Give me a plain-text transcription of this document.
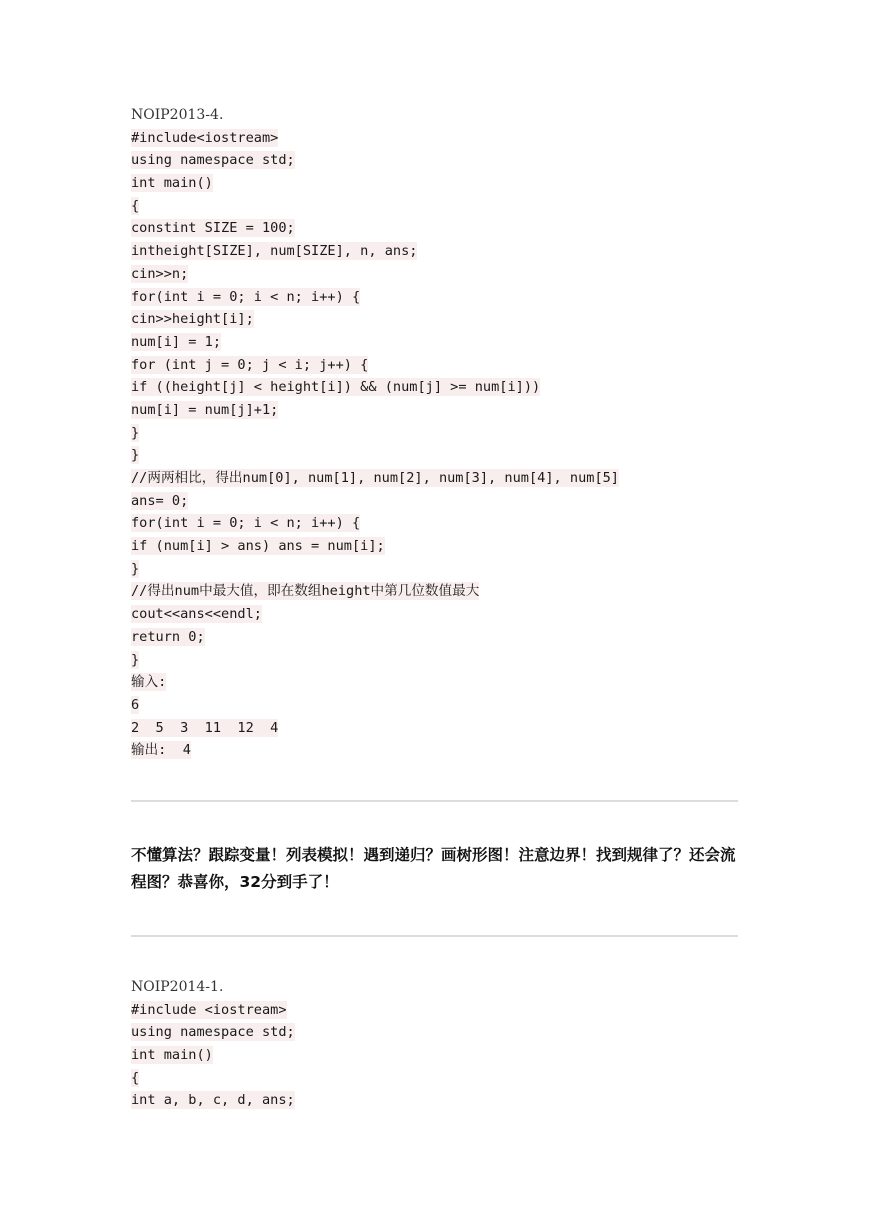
NOIP2013-4.
#include<iostream>
using namespace std;
int main()
{
constint SIZE = 100;
intheight[SIZE], num[SIZE], n, ans;
cin>>n;
for(int i = 0; i < n; i++) {
cin>>height[i];
num[i] = 1;
for (int j = 0; j < i; j++) {
if ((height[j] < height[i]) && (num[j] >= num[i]))
num[i] = num[j]+1;
}
}
//两两相比，得出num[0], num[1], num[2], num[3], num[4], num[5]
ans= 0;
for(int i = 0; i < n; i++) {
if (num[i] > ans) ans = num[i];
}
//得出num中最大值，即在数组height中第几位数值最大
cout<<ans<<endl;
return 0;
}
输入:
6
2  5  3  11  12  4
输出:  4

不懂算法？跟踪变量！列表模拟！遇到递归？画树形图！注意边界！找到规律了？还会流程图？恭喜你，32分到手了！

NOIP2014-1.
#include <iostream>
using namespace std;
int main()
{
int a, b, c, d, ans;
